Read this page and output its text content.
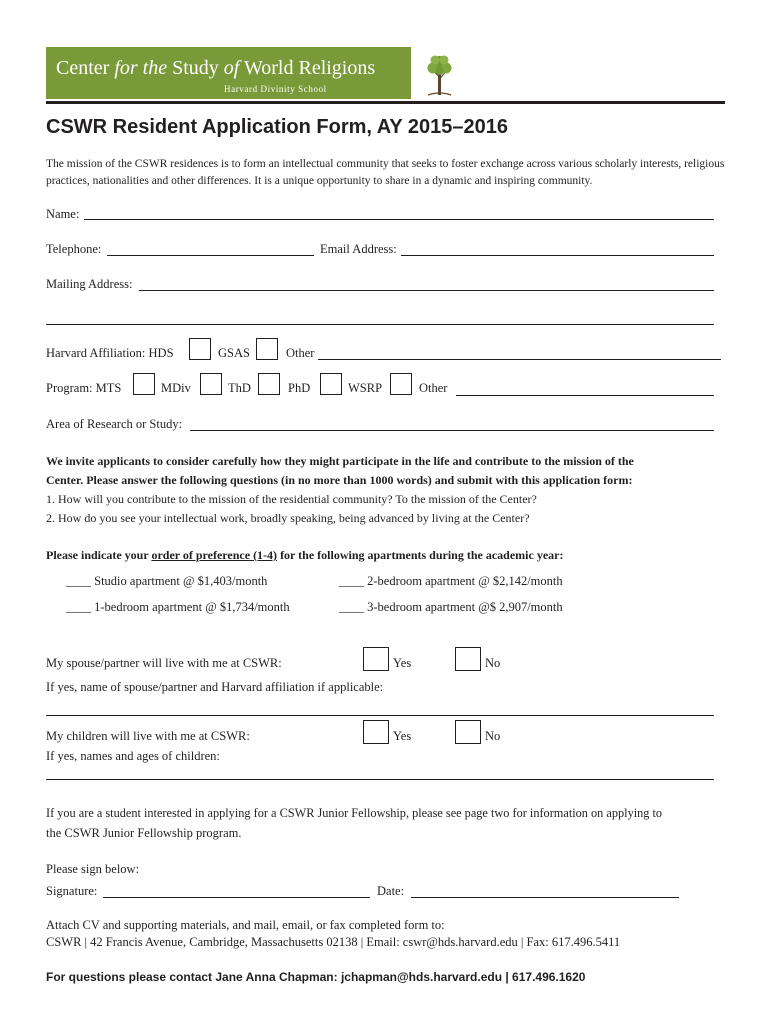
Center for the Study of World Religions
Harvard Divinity School
CSWR Resident Application Form, AY 2015–2016
The mission of the CSWR residences is to form an intellectual community that seeks to foster exchange across various scholarly interests, religious practices, nationalities and other differences. It is a unique opportunity to share in a dynamic and inspiring community.
Name:
Telephone:	Email Address:
Mailing Address:
Harvard Affiliation: HDS	GSAS	Other
Program: MTS	MDiv	ThD	PhD	WSRP	Other
Area of Research or Study:
We invite applicants to consider carefully how they might participate in the life and contribute to the mission of the
Center. Please answer the following questions (in no more than 1000 words) and submit with this application form:
1. How will you contribute to the mission of the residential community? To the mission of the Center?
2. How do you see your intellectual work, broadly speaking, being advanced by living at the Center?
Please indicate your order of preference (1-4) for the following apartments during the academic year:
____ Studio apartment @ $1,403/month	____ 2-bedroom apartment @ $2,142/month
____ 1-bedroom apartment @ $1,734/month	____ 3-bedroom apartment @$ 2,907/month
My spouse/partner will live with me at CSWR:	Yes	No
If yes, name of spouse/partner and Harvard affiliation if applicable:
My children will live with me at CSWR:	Yes	No
If yes, names and ages of children:
If you are a student interested in applying for a CSWR Junior Fellowship, please see page two for information on applying to
the CSWR Junior Fellowship program.
Please sign below:
Signature:	Date:
Attach CV and supporting materials, and mail, email, or fax completed form to:
CSWR | 42 Francis Avenue, Cambridge, Massachusetts 02138 | Email: cswr@hds.harvard.edu | Fax: 617.496.5411
For questions please contact Jane Anna Chapman: jchapman@hds.harvard.edu | 617.496.1620
